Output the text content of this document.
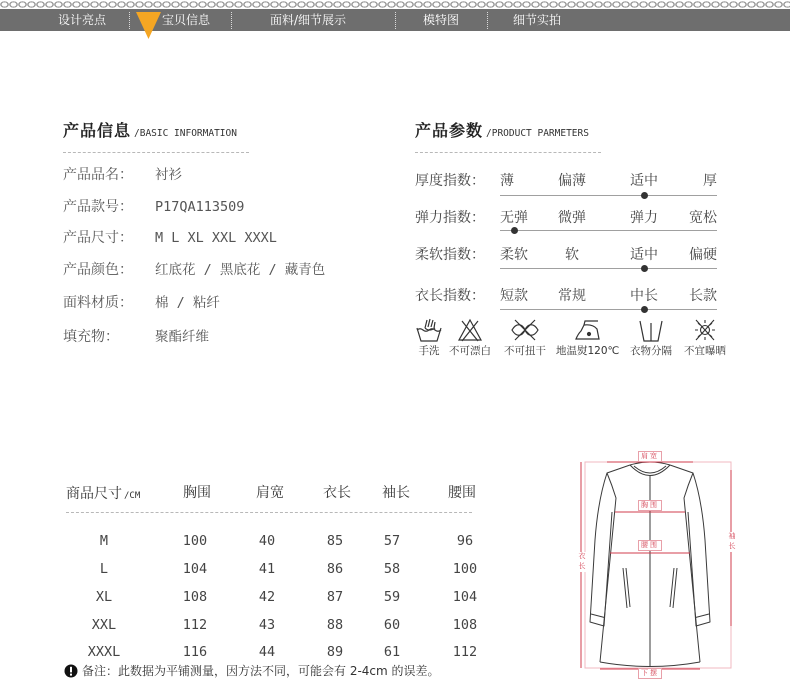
设计亮点	宝贝信息	面料/细节展示	模特图	细节实拍
产品信息 /BASIC INFORMATION
产品品名： 衬衫
产品款号： P17QA113509
产品尺寸： M L XL XXL XXXL
产品颜色： 红底花 / 黑底花 / 藏青色
面料材质： 棉 / 粘纤
填充物：	聚酯纤维
产品参数 /PRODUCT PARMETERS
厚度指数： 薄	偏薄	适中	厚
弹力指数： 无弹 微弹	弹力 宽松
柔软指数： 柔软	软	适中 偏硬
衣长指数： 短款 常规	中长 长款
手洗 不可漂白	不可扭干 地温熨120℃	衣物分隔	不宜曝晒
商品尺寸 /CM	胸围	肩宽	衣长	袖长	腰围
M	100	40	85	57	96
L	104	41	86	58	100
XL	108	42	87	59	104
XXL	112	43	88	60	108
XXXL	116	44	89	61	112
备注：此数据为平铺测量，因方法不同，可能会有 2-4cm 的误差。
肩宽
胸围
腰围
下摆
衣长
袖长
